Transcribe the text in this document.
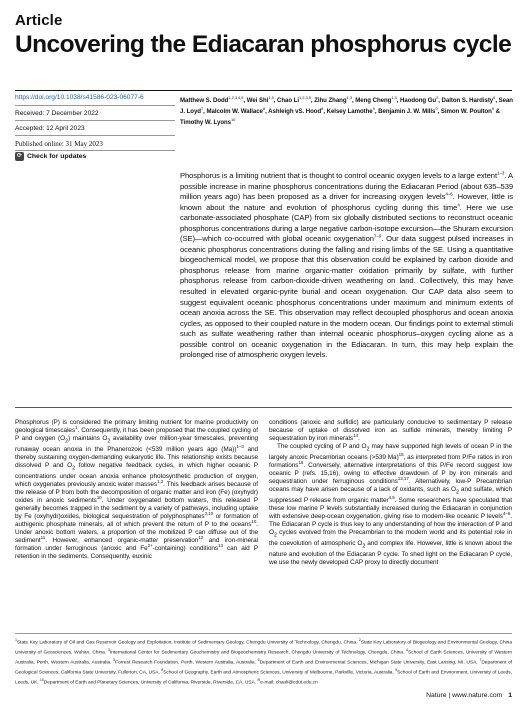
Article
Uncovering the Ediacaran phosphorus cycle
https://doi.org/10.1038/s41586-023-06077-6
Received: 7 December 2022
Accepted: 12 April 2023
Published online: 31 May 2023
⟳ Check for updates
Matthew S. Dodd$^{1,2,3,4,5}$, Wei Shi$^{1,3}$, Chao Li$^{1,2,3,5}$, Zihu Zhang$^{1,3}$, Meng Cheng$^{1,3}$, Haodong Gu$^2$, Dalton S. Hardisty$^6$, Sean J. Loyd$^7$, Malcolm W. Wallace$^8$, Ashleigh vS. Hood$^8$, Kelsey Lamothe$^9$, Benjamin J. W. Mills$^9$, Simon W. Poulton$^9$ & Timothy W. Lyons$^{10}$
Phosphorus is a limiting nutrient that is thought to control oceanic oxygen levels to a large extent$^{1-3}$. A possible increase in marine phosphorus concentrations during the Ediacaran Period (about 635–539 million years ago) has been proposed as a driver for increasing oxygen levels$^{4-6}$. However, little is known about the nature and evolution of phosphorus cycling during this time$^4$. Here we use carbonate-associated phosphate (CAP) from six globally distributed sections to reconstruct oceanic phosphorus concentrations during a large negative carbon-isotope excursion—the Shuram excursion (SE)—which co-occurred with global oceanic oxygenation$^{7-9}$. Our data suggest pulsed increases in oceanic phosphorus concentrations during the falling and rising limbs of the SE. Using a quantitative biogeochemical model, we propose that this observation could be explained by carbon dioxide and phosphorus release from marine organic-matter oxidation primarily by sulfate, with further phosphorus release from carbon-dioxide-driven weathering on land. Collectively, this may have resulted in elevated organic-pyrite burial and ocean oxygenation. Our CAP data also seem to suggest equivalent oceanic phosphorus concentrations under maximum and minimum extents of ocean anoxia across the SE. This observation may reflect decoupled phosphorus and ocean anoxia cycles, as opposed to their coupled nature in the modern ocean. Our findings point to external stimuli such as sulfate weathering rather than internal oceanic phosphorus–oxygen cycling alone as a possible control on oceanic oxygenation in the Ediacaran. In turn, this may help explain the prolonged rise of atmospheric oxygen levels.

Phosphorus (P) is considered the primary limiting nutrient for marine productivity on geological timescales$^1$. Consequently, it has been proposed that the coupled cycling of P and oxygen $(O_2)$ maintains $O_2$ availability over million-year timescales, preventing runaway ocean anoxia in the Phanerozoic (<539 million years ago (Ma))$^{1-3}$ and thereby sustaining oxygen-demanding eukaryotic life. This relationship exists because dissolved P and $O_2$ follow negative feedback cycles, in which higher oceanic P concentrations under ocean anoxia enhance photosynthetic production of oxygen, which oxygenates previously anoxic water masses$^{1,2}$. This feedback arises because of the release of P from both the decomposition of organic matter and iron (Fe) (oxyhydr) oxides in anoxic sediments$^{10}$. Under oxygenated bottom waters, this released P generally becomes trapped in the sediment by a variety of pathways, including uptake by Fe (oxyhydr)oxides, biological sequestration of polyphosphates$^{3,10}$ or formation of authigenic phosphate minerals, all of which prevent the return of P to the oceans$^{10}$. Under anoxic bottom waters, a proportion of the mobilized P can diffuse out of the sediment$^{11}$. However, enhanced organic-matter preservation$^{12}$ and iron-mineral formation under ferruginous (anoxic and $Fe^{2+}-containing$) conditions$^{13}$ can aid P retention in the sediments. Consequently, euxinic

conditions (anoxic and sulfidic) are particularly conducive to sedimentary P release because of uptake of dissolved iron as sulfide minerals, thereby limiting P sequestration by iron minerals$^{14}$.

The coupled cycling of P and $O_2$ may have supported high levels of ocean P in the largely anoxic Precambrian oceans (>539 Ma)$^{15}$, as interpreted from P/Fe ratios in iron formations$^{16}$. Conversely, alternative interpretations of this P/Fe record suggest low oceanic P (refs. 15,16), owing to effective drawdown of P by iron minerals and sequestration under ferruginous conditions$^{13,17}$. Alternatively, low-P Precambrian oceans may have arisen because of a lack of oxidants, such as $O_2$ and sulfate, which suppressed P release from organic matter$^{4,5}$. Some researchers have speculated that these low marine P levels substantially increased during the Ediacaran in conjunction with extensive deep-ocean oxygenation, giving rise to modern-like oceanic P levels$^{4-6}$. The Ediacaran P cycle is thus key to any understanding of how the interaction of P and $O_2$ cycles evolved from the Precambrian to the modern world and its potential role in the coevolution of atmospheric $O_2$ and complex life. However, little is known about the nature and evolution of the Ediacaran P cycle. To shed light on the Ediacaran P cycle, we use the newly developed CAP proxy to directly document

$^1$State Key Laboratory of Oil and Gas Reservoir Geology and Exploitation, Institute of Sedimentary Geology, Chengdu University of Technology, Chengdu, China. $^2$State Key Laboratory of Biogeology and Environmental Geology, China University of Geosciences, Wuhan, China. $^3$International Center for Sedimentary Geochemistry and Biogeochemistry Research, Chengdu University of Technology, Chengdu, China. $^4$School of Earth Sciences, University of Western Australia, Perth, Western Australia, Australia. $^5$Forrest Research Foundation, Perth, Western Australia, Australia. $^6$Department of Earth and Environmental Sciences, Michigan State University, East Lansing, MI, USA. $^7$Department of Geological Sciences, California State University, Fullerton, CA, USA. $^8$School of Geography, Earth and Atmospheric Sciences, University of Melbourne, Parkville, Victoria, Australia. $^9$School of Earth and Environment, University of Leeds, Leeds, UK. $^{10}$Department of Earth and Planetary Sciences, University of California, Riverside, Riverside, CA, USA. ✉e-mail: chaoli@cdut.edu.cn
Nature | www.nature.com 1
